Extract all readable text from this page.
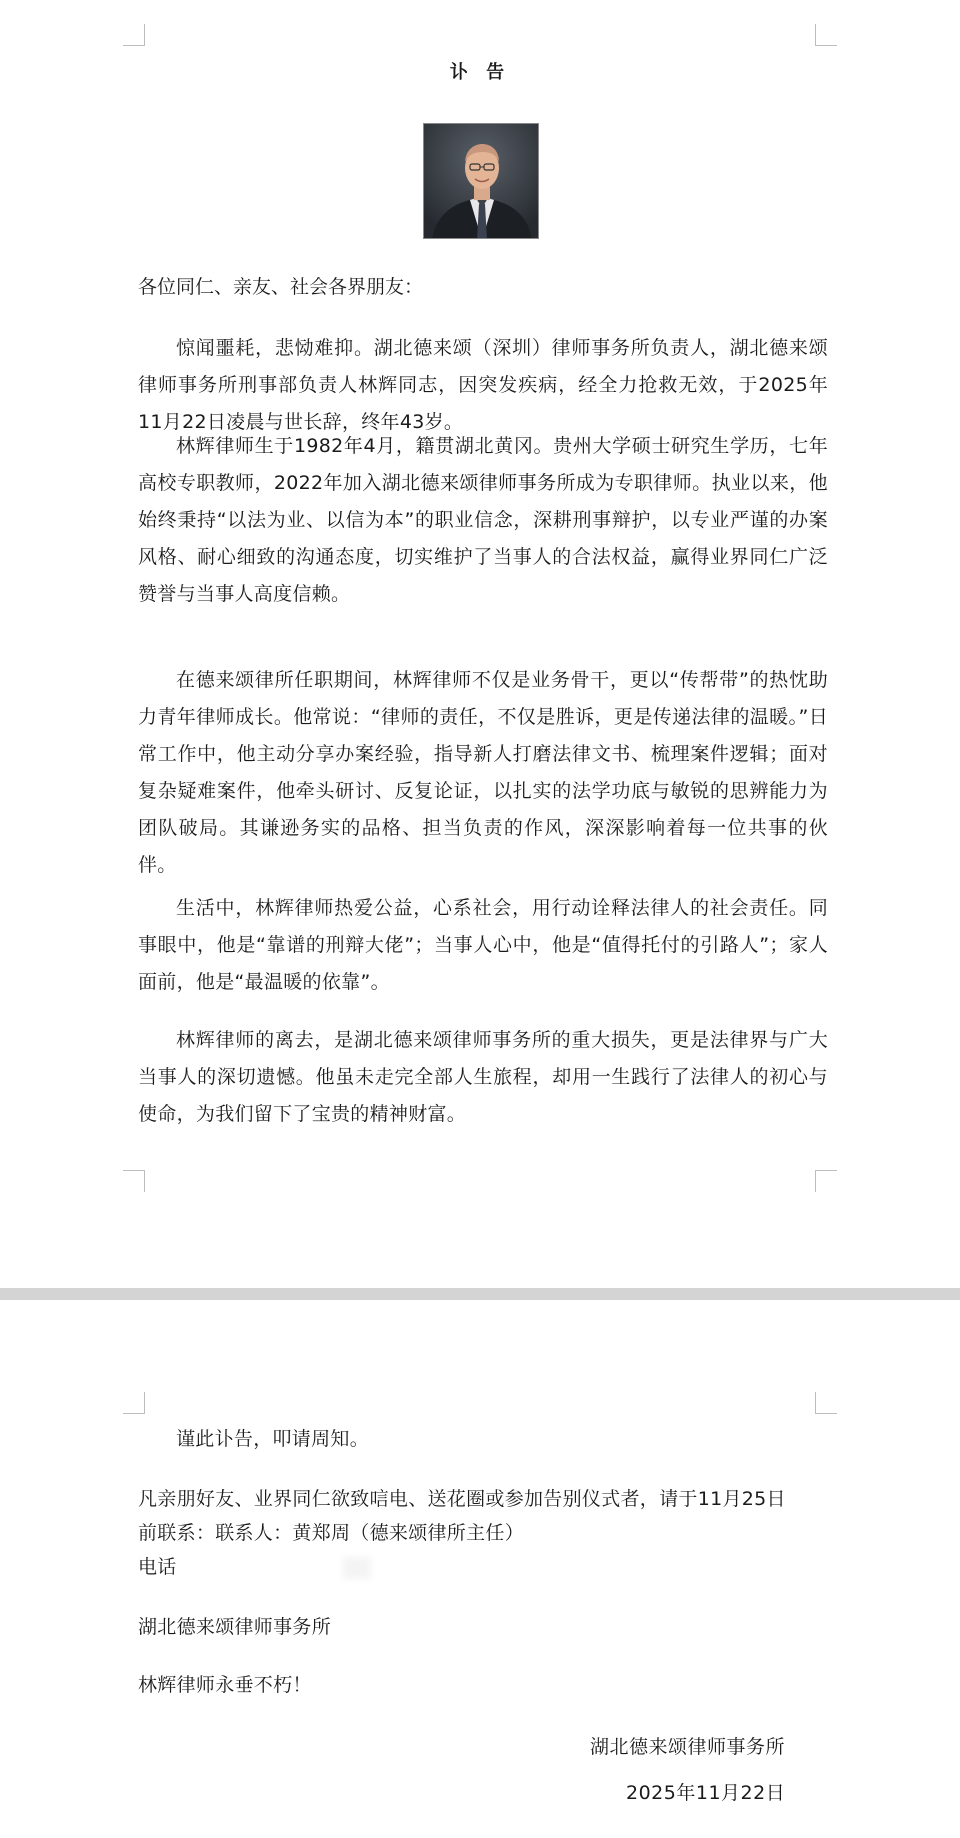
讣 告
各位同仁、亲友、社会各界朋友：

惊闻噩耗，悲恸难抑。湖北德来颂（深圳）律师事务所负责人，湖北德来颂律师事务所刑事部负责人林辉同志，因突发疾病，经全力抢救无效，于2025年11月22日凌晨与世长辞，终年43岁。

林辉律师生于1982年4月，籍贯湖北黄冈。贵州大学硕士研究生学历，七年高校专职教师，2022年加入湖北德来颂律师事务所成为专职律师。执业以来，他始终秉持“以法为业、以信为本”的职业信念，深耕刑事辩护，以专业严谨的办案风格、耐心细致的沟通态度，切实维护了当事人的合法权益，赢得业界同仁广泛赞誉与当事人高度信赖。

在德来颂律所任职期间，林辉律师不仅是业务骨干，更以“传帮带”的热忱助力青年律师成长。他常说：“律师的责任，不仅是胜诉，更是传递法律的温暖。”日常工作中，他主动分享办案经验，指导新人打磨法律文书、梳理案件逻辑；面对复杂疑难案件，他牵头研讨、反复论证，以扎实的法学功底与敏锐的思辨能力为团队破局。其谦逊务实的品格、担当负责的作风，深深影响着每一位共事的伙伴。

生活中，林辉律师热爱公益，心系社会，用行动诠释法律人的社会责任。同事眼中，他是“靠谱的刑辩大佬”；当事人心中，他是“值得托付的引路人”；家人面前，他是“最温暖的依靠”。

林辉律师的离去，是湖北德来颂律师事务所的重大损失，更是法律界与广大当事人的深切遗憾。他虽未走完全部人生旅程，却用一生践行了法律人的初心与使命，为我们留下了宝贵的精神财富。

谨此讣告，叩请周知。
凡亲朋好友、业界同仁欲致唁电、送花圈或参加告别仪式者，请于11月25日
前联系：联系人：黄郑周（德来颂律所主任）
电话
湖北德来颂律师事务所
林辉律师永垂不朽！
湖北德来颂律师事务所
2025年11月22日
